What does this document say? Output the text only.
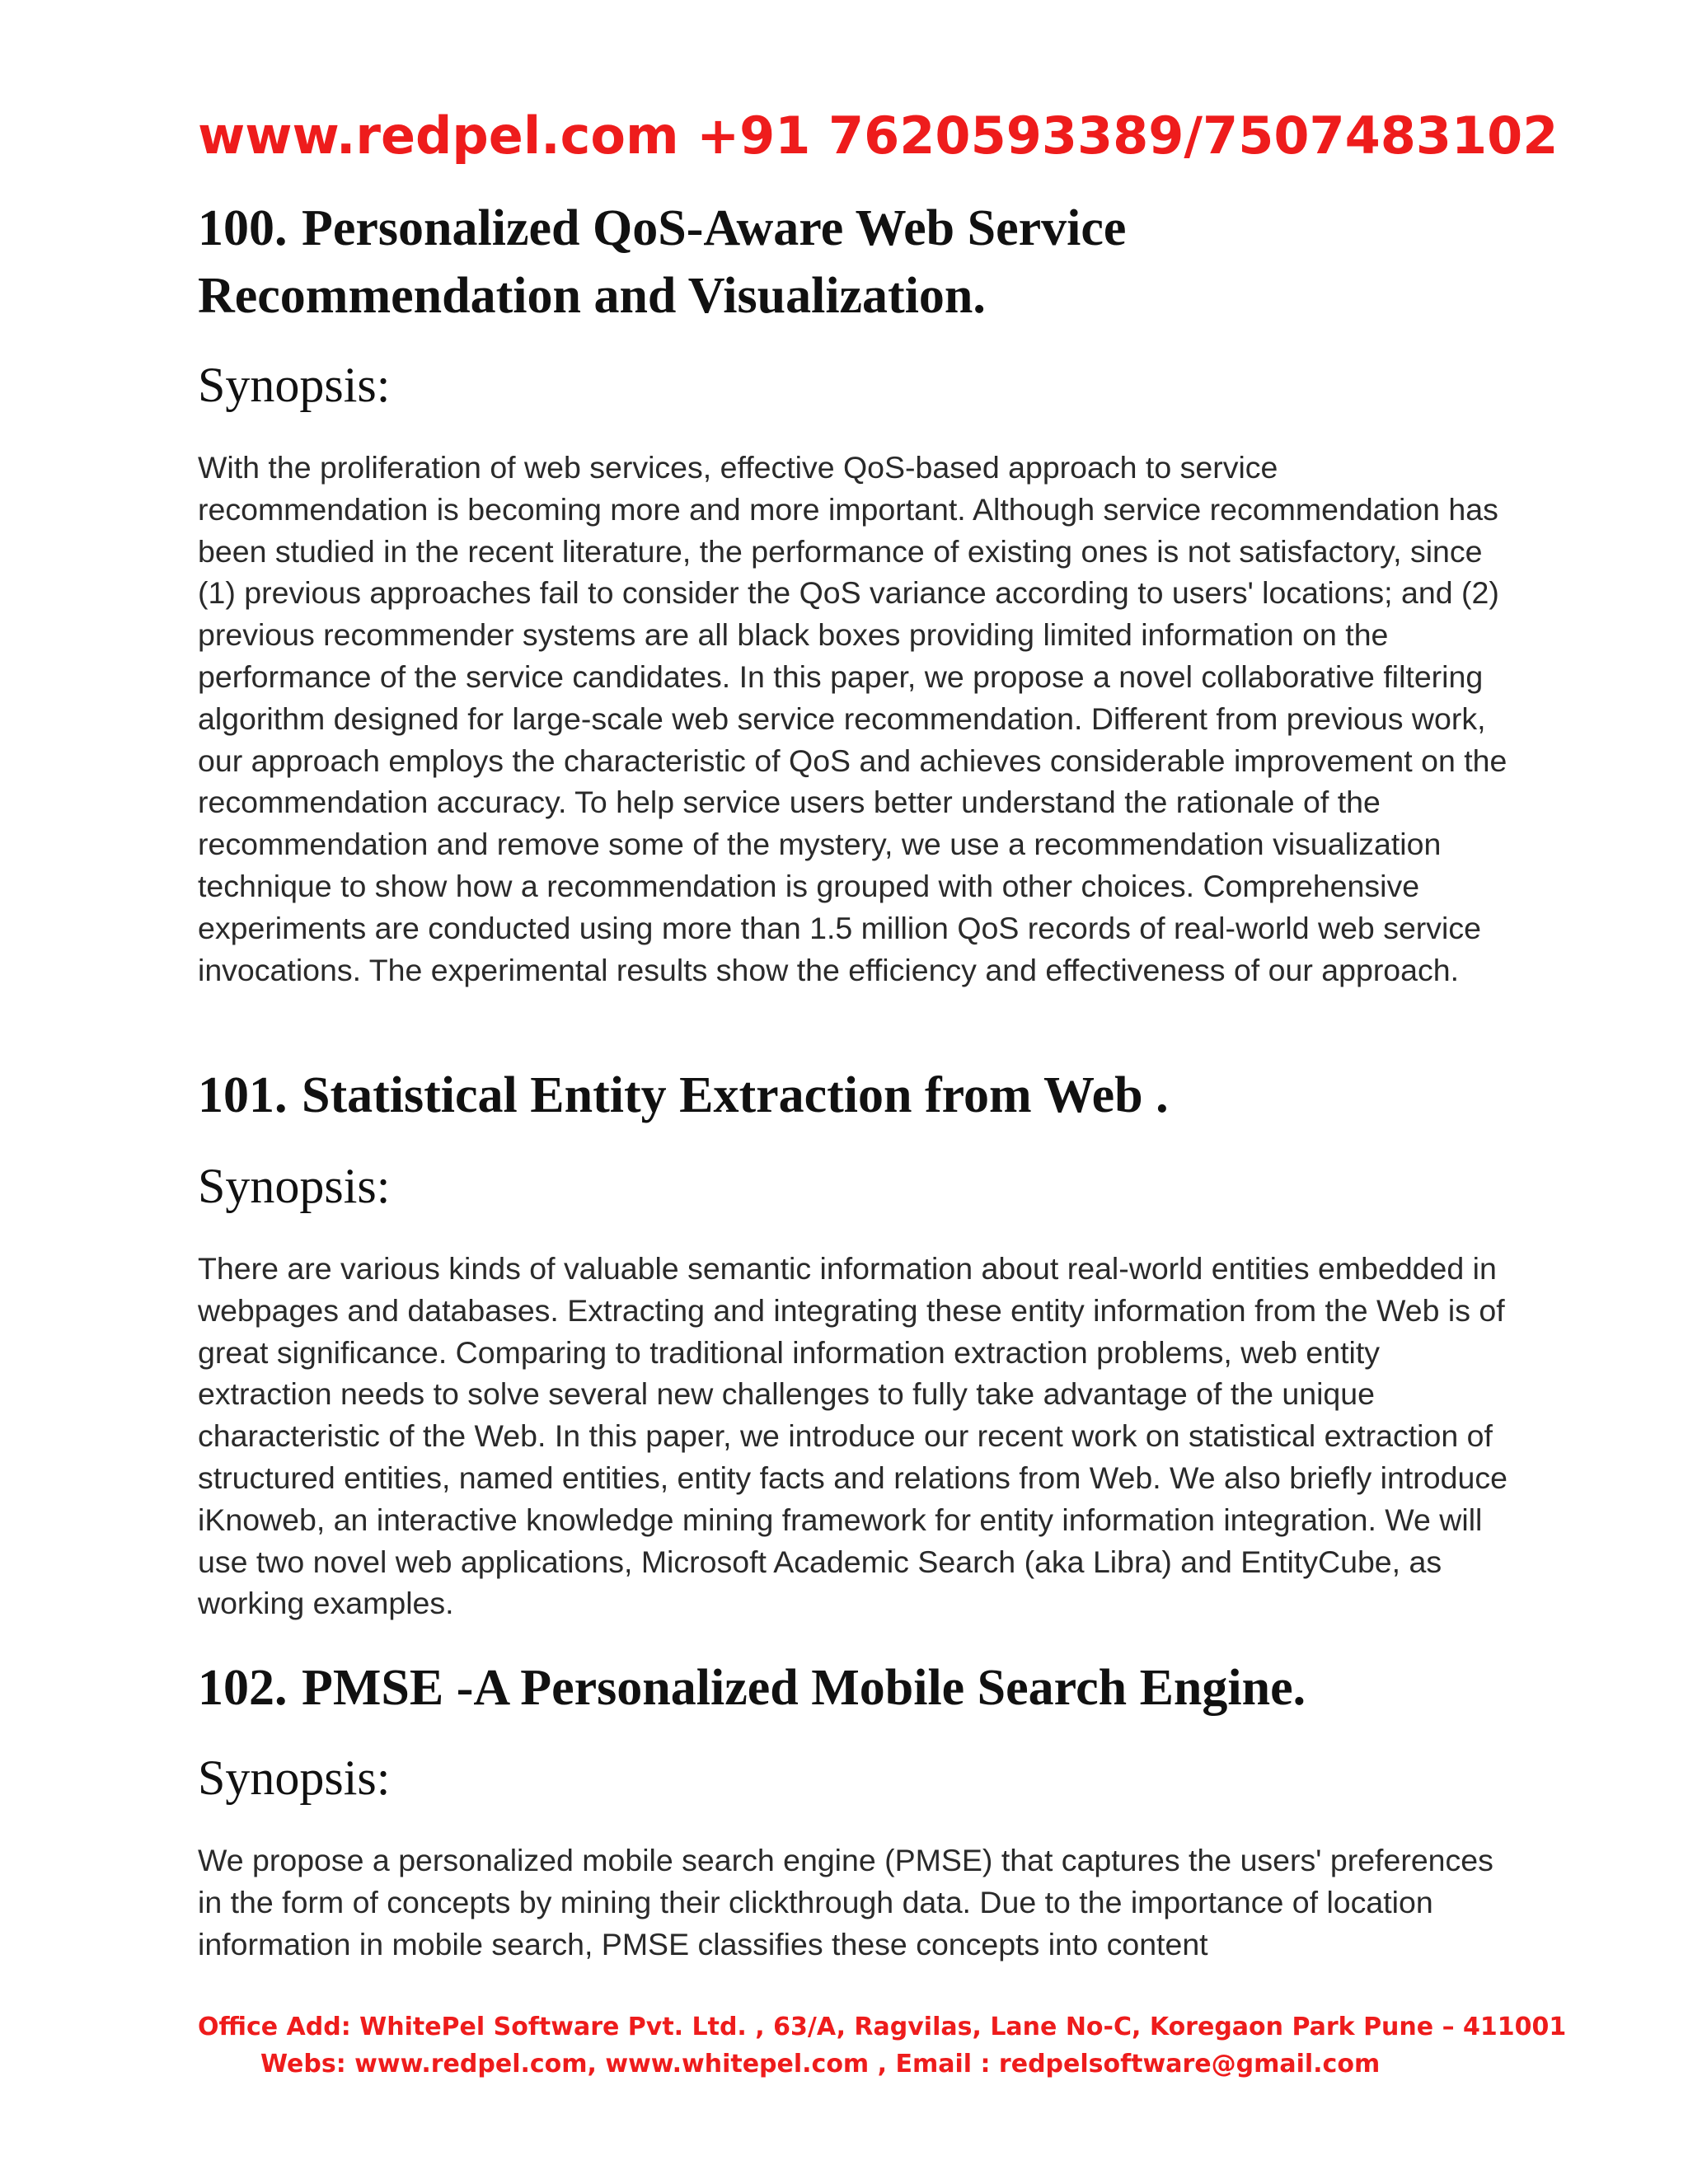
www.redpel.com +91 7620593389/7507483102
100. Personalized QoS-Aware Web Service Recommendation and Visualization.
Synopsis:

With the proliferation of web services, effective QoS-based approach to service recommendation is becoming more and more important. Although service recommendation has been studied in the recent literature, the performance of existing ones is not satisfactory, since (1) previous approaches fail to consider the QoS variance according to users' locations; and (2) previous recommender systems are all black boxes providing limited information on the performance of the service candidates. In this paper, we propose a novel collaborative filtering algorithm designed for large-scale web service recommendation. Different from previous work, our approach employs the characteristic of QoS and achieves considerable improvement on the recommendation accuracy. To help service users better understand the rationale of the recommendation and remove some of the mystery, we use a recommendation visualization technique to show how a recommendation is grouped with other choices. Comprehensive experiments are conducted using more than 1.5 million QoS records of real-world web service invocations. The experimental results show the efficiency and effectiveness of our approach.

101. Statistical Entity Extraction from Web .
Synopsis:

There are various kinds of valuable semantic information about real-world entities embedded in webpages and databases. Extracting and integrating these entity information from the Web is of great significance. Comparing to traditional information extraction problems, web entity extraction needs to solve several new challenges to fully take advantage of the unique characteristic of the Web. In this paper, we introduce our recent work on statistical extraction of structured entities, named entities, entity facts and relations from Web. We also briefly introduce iKnoweb, an interactive knowledge mining framework for entity information integration. We will use two novel web applications, Microsoft Academic Search (aka Libra) and EntityCube, as working examples.

102. PMSE -A Personalized Mobile Search Engine.
Synopsis:

We propose a personalized mobile search engine (PMSE) that captures the users' preferences in the form of concepts by mining their clickthrough data. Due to the importance of location information in mobile search, PMSE classifies these concepts into content

Office Add: WhitePel Software Pvt. Ltd. , 63/A, Ragvilas, Lane No-C, Koregaon Park Pune – 411001
Webs: www.redpel.com, www.whitepel.com , Email : redpelsoftware@gmail.com
